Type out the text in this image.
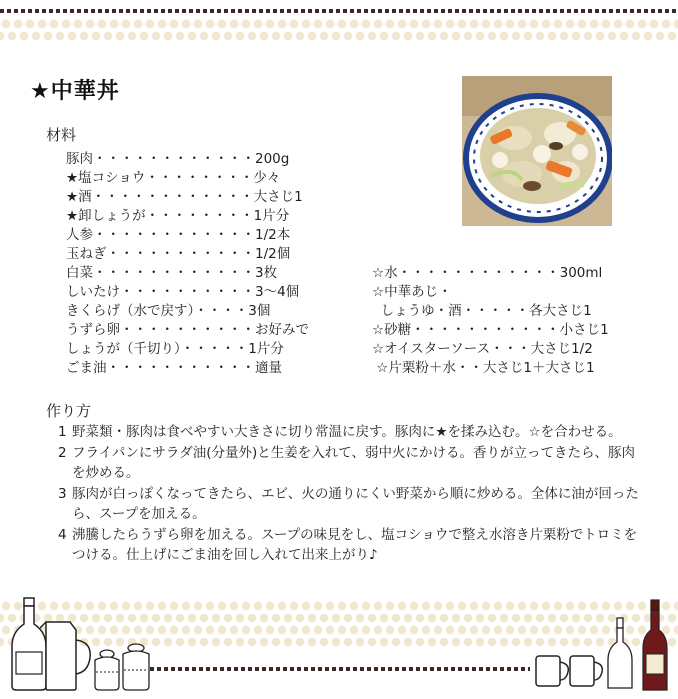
★中華丼
材料
豚肉・・・・・・・・・・・・200g
★塩コショウ・・・・・・・・少々
★酒・・・・・・・・・・・・大さじ1
★卸しょうが・・・・・・・・1片分
人参・・・・・・・・・・・・1/2本
玉ねぎ・・・・・・・・・・・1/2個
白菜・・・・・・・・・・・・3枚
しいたけ・・・・・・・・・・3～4個
きくらげ（水で戻す）・・・・3個
うずら卵・・・・・・・・・・お好みで
しょうが（千切り）・・・・・1片分
ごま油・・・・・・・・・・・適量
☆水・・・・・・・・・・・・300ml
☆中華あじ・
しょうゆ・酒・・・・・各大さじ1
☆砂糖・・・・・・・・・・・小さじ1
☆オイスターソース・・・大さじ1/2
☆片栗粉＋水・・大さじ1＋大さじ1
作り方
1 野菜類・豚肉は食べやすい大きさに切り常温に戻す。豚肉に★を揉み込む。☆を合わせる。
2 フライパンにサラダ油(分量外)と生姜を入れて、弱中火にかける。香りが立ってきたら、豚肉を炒める。
3 豚肉が白っぽくなってきたら、エビ、火の通りにくい野菜から順に炒める。全体に油が回ったら、スープを加える。
4 沸騰したらうずら卵を加える。スープの味見をし、塩コショウで整え水溶き片栗粉でトロミをつける。仕上げにごま油を回し入れて出来上がり♪
